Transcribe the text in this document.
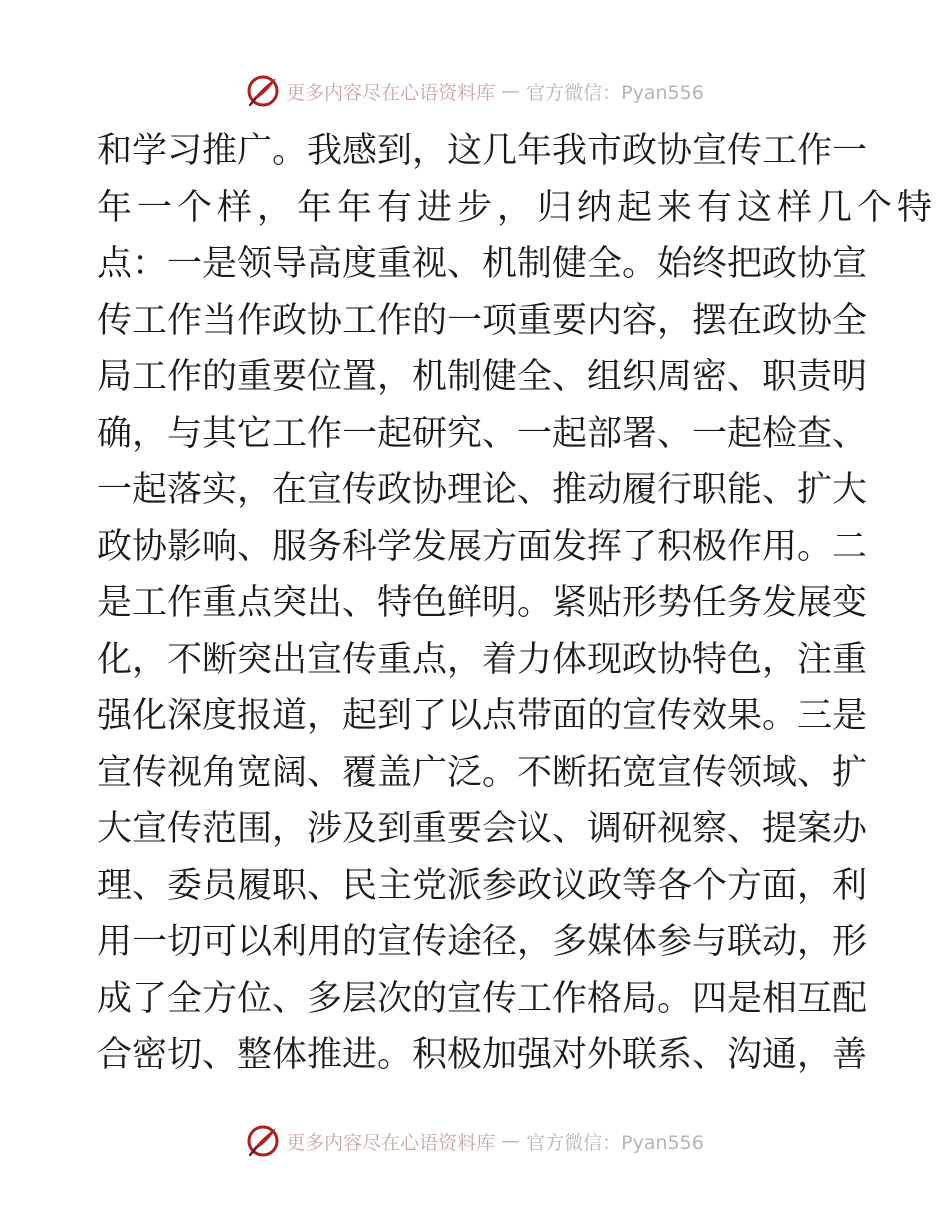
更多内容尽在心语资料库 — 官方微信：Pyan556
和学习推广。我感到，这几年我市政协宣传工作一
年一个样，年年有进步，归纳起来有这样几个特
点：一是领导高度重视、机制健全。始终把政协宣
传工作当作政协工作的一项重要内容，摆在政协全
局工作的重要位置，机制健全、组织周密、职责明
确，与其它工作一起研究、一起部署、一起检查、
一起落实，在宣传政协理论、推动履行职能、扩大
政协影响、服务科学发展方面发挥了积极作用。二
是工作重点突出、特色鲜明。紧贴形势任务发展变
化，不断突出宣传重点，着力体现政协特色，注重
强化深度报道，起到了以点带面的宣传效果。三是
宣传视角宽阔、覆盖广泛。不断拓宽宣传领域、扩
大宣传范围，涉及到重要会议、调研视察、提案办
理、委员履职、民主党派参政议政等各个方面，利
用一切可以利用的宣传途径，多媒体参与联动，形
成了全方位、多层次的宣传工作格局。四是相互配
合密切、整体推进。积极加强对外联系、沟通，善
更多内容尽在心语资料库 — 官方微信：Pyan556
